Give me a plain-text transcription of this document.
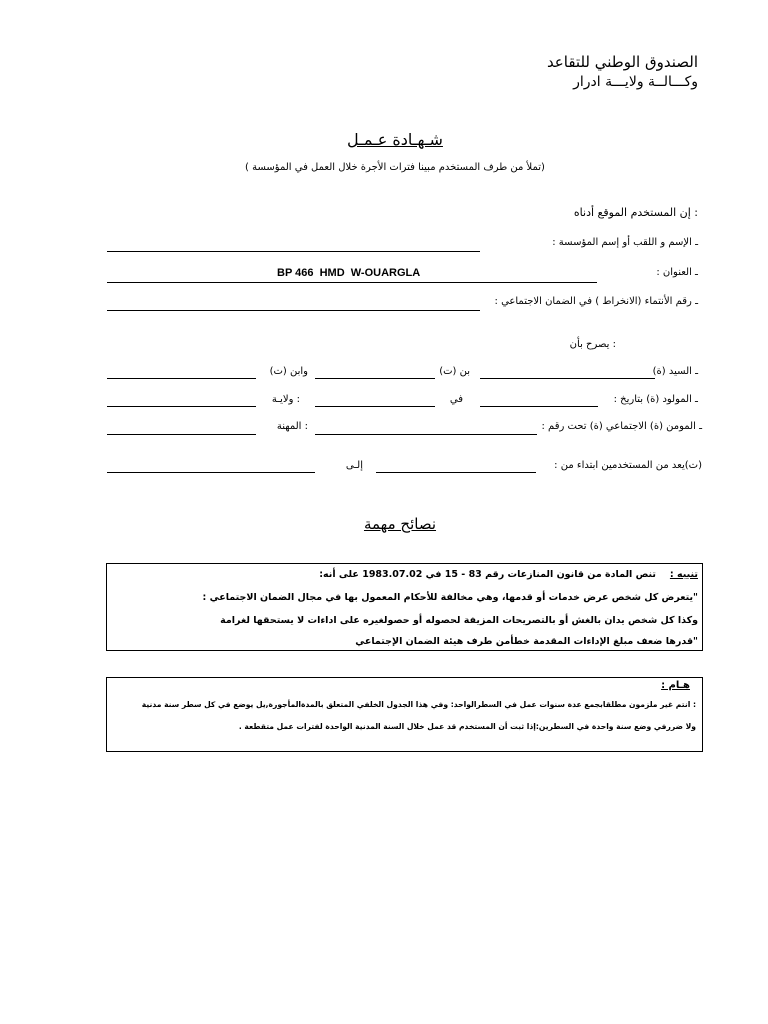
الصندوق الوطني للتقاعد
وكـــالــة ولايـــة ادرار
شـهـادة عـمـل
(تملأ من طرف المستخدم مبينا فترات الأجرة خلال العمل في المؤسسة )
: إن المستخدم الموقع أدناه
ـ الإسم و اللقب أو إسم المؤسسة :
ـ العنوان :
BP 466  HMD  W-OUARGLA
ـ رقم الأنتماء (الانخراط ) في الضمان الاجتماعي :
: يصرح بأن
ـ السيد (ة)
بن (ت)
وابن (ت)
ـ المولود (ة) بتاريخ :
في
: ولايـة
ـ المومن (ة) الاجتماعي (ة) تحت رقم :
: المهنة
(ت)يعد من المستخدمين ابتداء من :
إلـى
نصائح مهمة
تنبيه :
تنص المادة من قانون المنازعات رقم 83 - 15 في 1983.07.02 على أنه:
"يتعرض كل شخص عرض خدمات أو قدمها، وهي مخالفة للأحكام المعمول بها في مجال الضمان الاجتماعي :
وكذا كل شخص يدان بالغش أو بالتصريحات المزيفة لحصوله أو حصولغيره على اداءات لا يستحقها لغرامة
"قدرها ضعف مبلغ الإداءات المقدمة خطأمن طرف هيئة الضمان الإجتماعي
هـام :
: انتم غير ملزمون مطلقابجمع عدة سنوات عمل في السطرالواحد: وفي هذا الجدول الخلفي المتعلق بالمدةالمأجورة,يل يوضع في كل سطر سنة مدنية
ولا ضررفي وضع سنة واحدة في السطرين:إذا ثبت أن المستخدم قد عمل خلال السنة المدنية الواحدة لفترات عمل متقطعة .
